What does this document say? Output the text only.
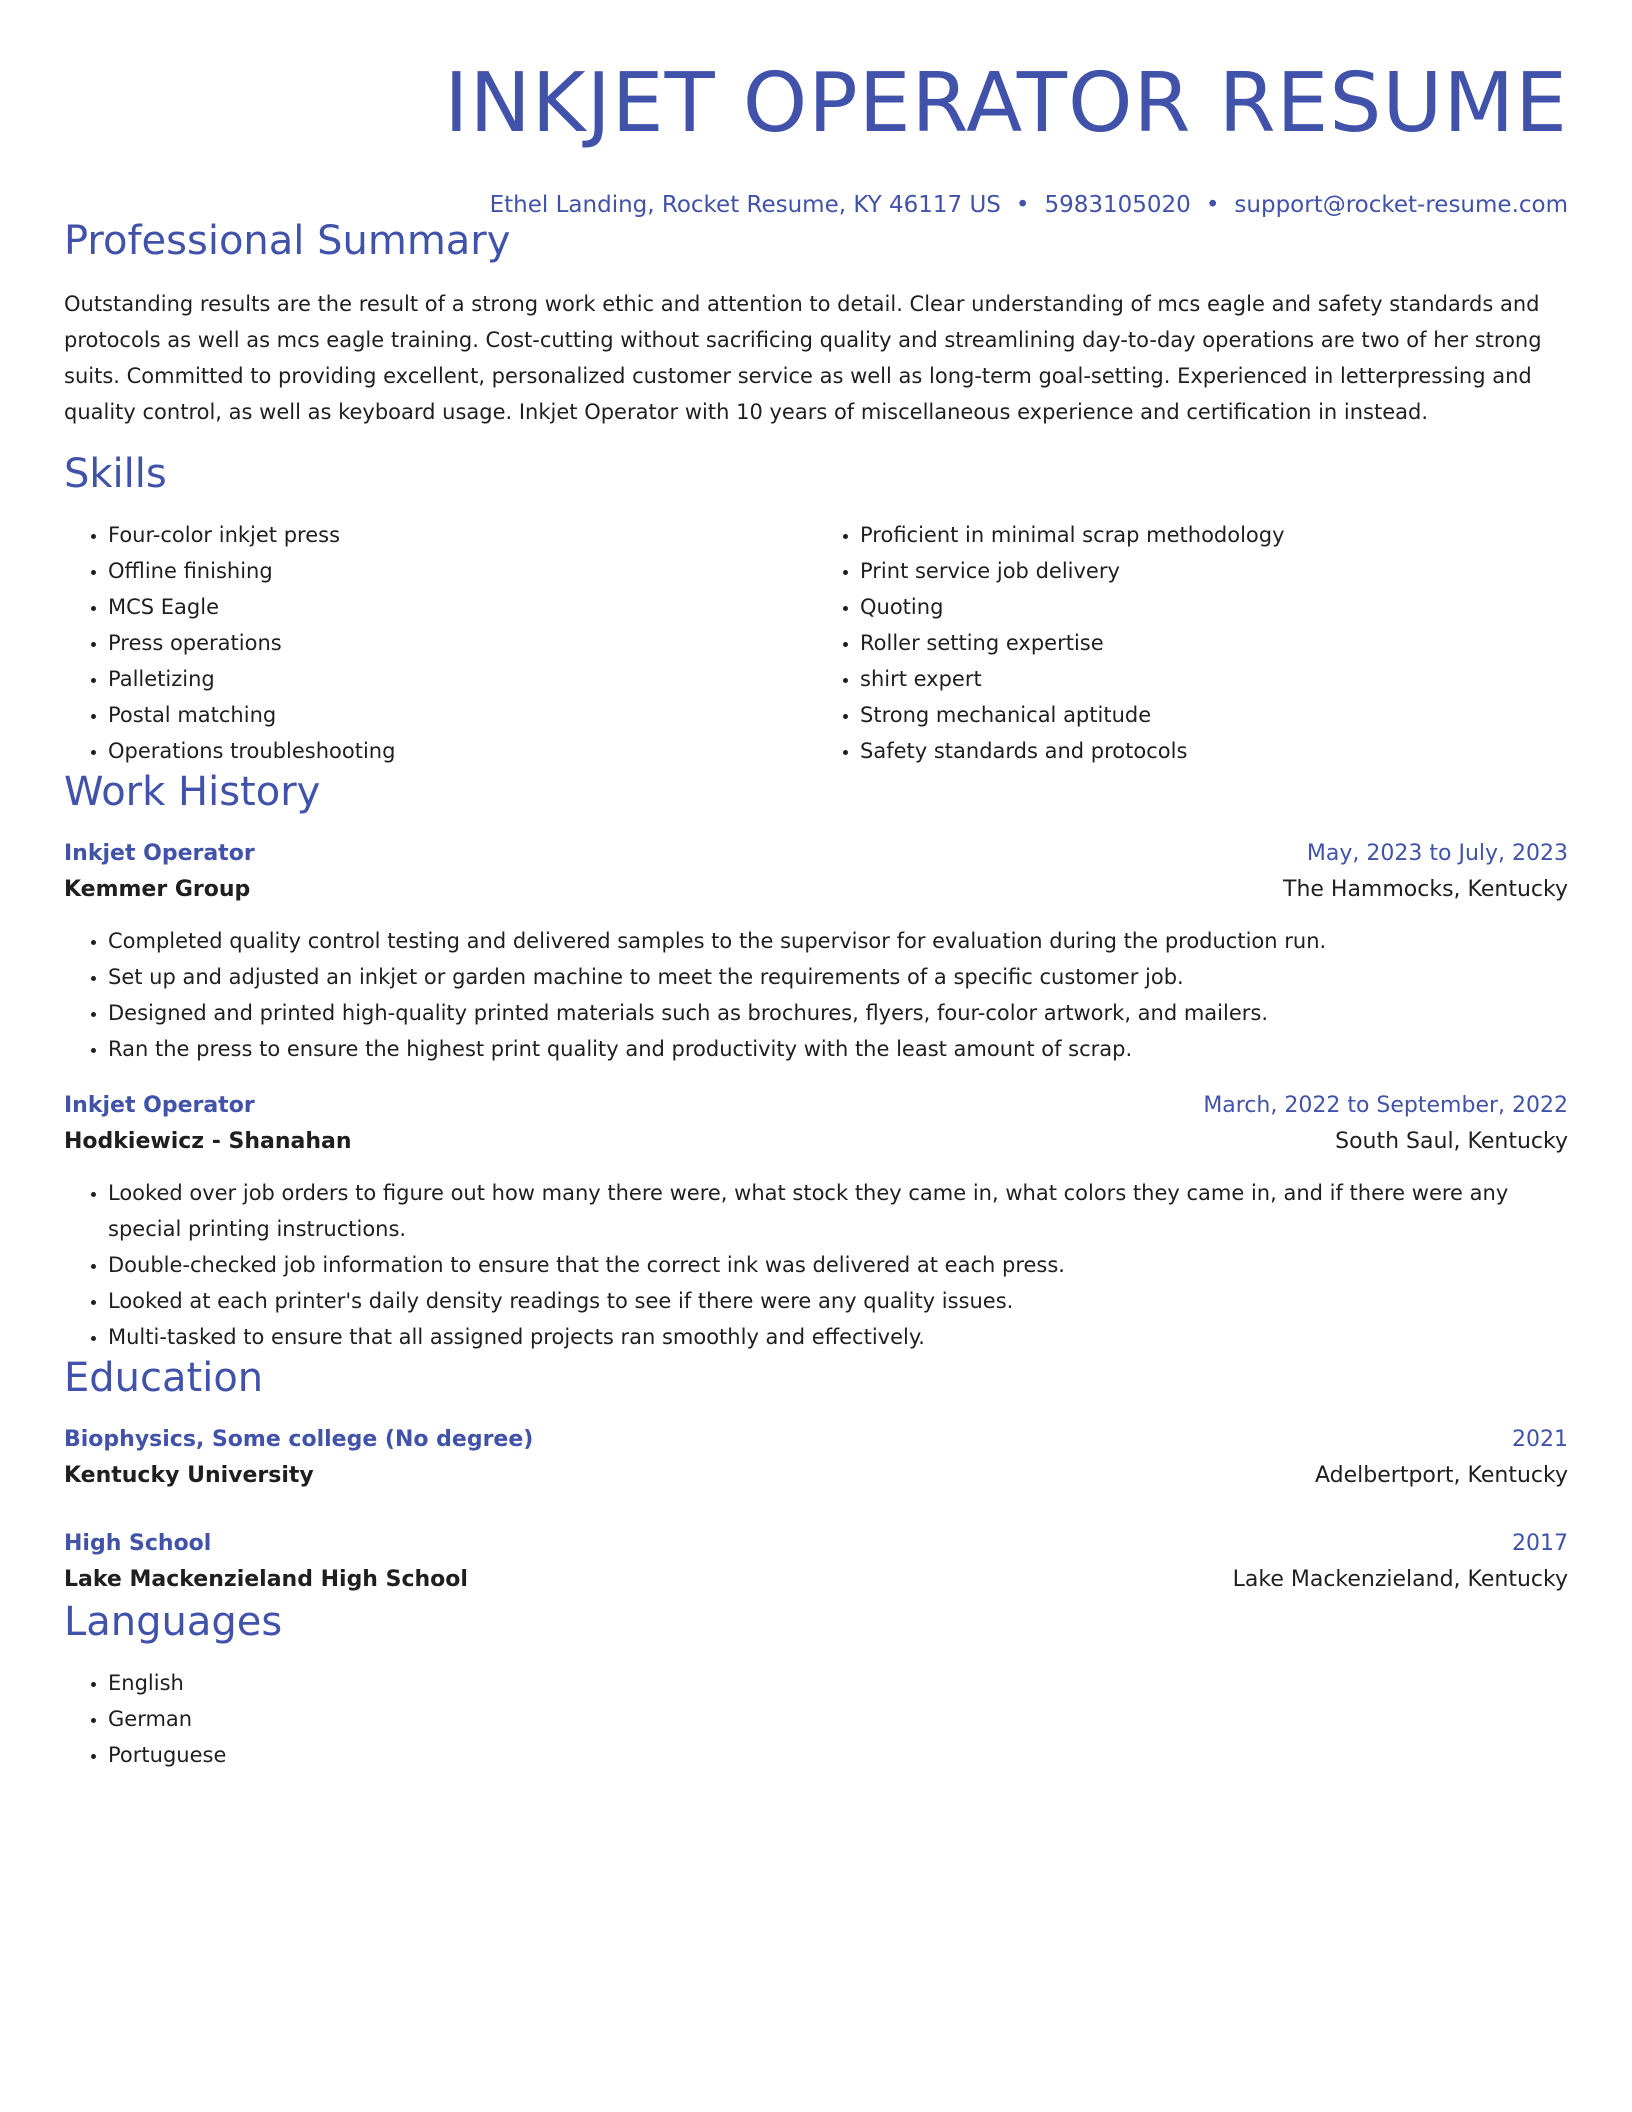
INKJET OPERATOR RESUME
Ethel Landing, Rocket Resume, KY 46117 US • 5983105020 • support@rocket-resume.com
Professional Summary

Outstanding results are the result of a strong work ethic and attention to detail. Clear understanding of mcs eagle and safety standards and protocols as well as mcs eagle training. Cost-cutting without sacrificing quality and streamlining day-to-day operations are two of her strong suits. Committed to providing excellent, personalized customer service as well as long-term goal-setting. Experienced in letterpressing and quality control, as well as keyboard usage. Inkjet Operator with 10 years of miscellaneous experience and certification in instead.

Skills
• Four-color inkjet press
• Offline finishing
• MCS Eagle
• Press operations
• Palletizing
• Postal matching
• Operations troubleshooting
• Proficient in minimal scrap methodology
• Print service job delivery
• Quoting
• Roller setting expertise
• shirt expert
• Strong mechanical aptitude
• Safety standards and protocols
Work History
Inkjet Operator	May, 2023 to July, 2023
Kemmer Group	The Hammocks, Kentucky
• Completed quality control testing and delivered samples to the supervisor for evaluation during the production run.
• Set up and adjusted an inkjet or garden machine to meet the requirements of a specific customer job.
• Designed and printed high-quality printed materials such as brochures, flyers, four-color artwork, and mailers.
• Ran the press to ensure the highest print quality and productivity with the least amount of scrap.
Inkjet Operator	March, 2022 to September, 2022
Hodkiewicz - Shanahan	South Saul, Kentucky
• Looked over job orders to figure out how many there were, what stock they came in, what colors they came in, and if there were any special printing instructions.
• Double-checked job information to ensure that the correct ink was delivered at each press.
• Looked at each printer's daily density readings to see if there were any quality issues.
• Multi-tasked to ensure that all assigned projects ran smoothly and effectively.
Education
Biophysics, Some college (No degree)	2021
Kentucky University	Adelbertport, Kentucky
High School	2017
Lake Mackenzieland High School	Lake Mackenzieland, Kentucky
Languages
• English
• German
• Portuguese
